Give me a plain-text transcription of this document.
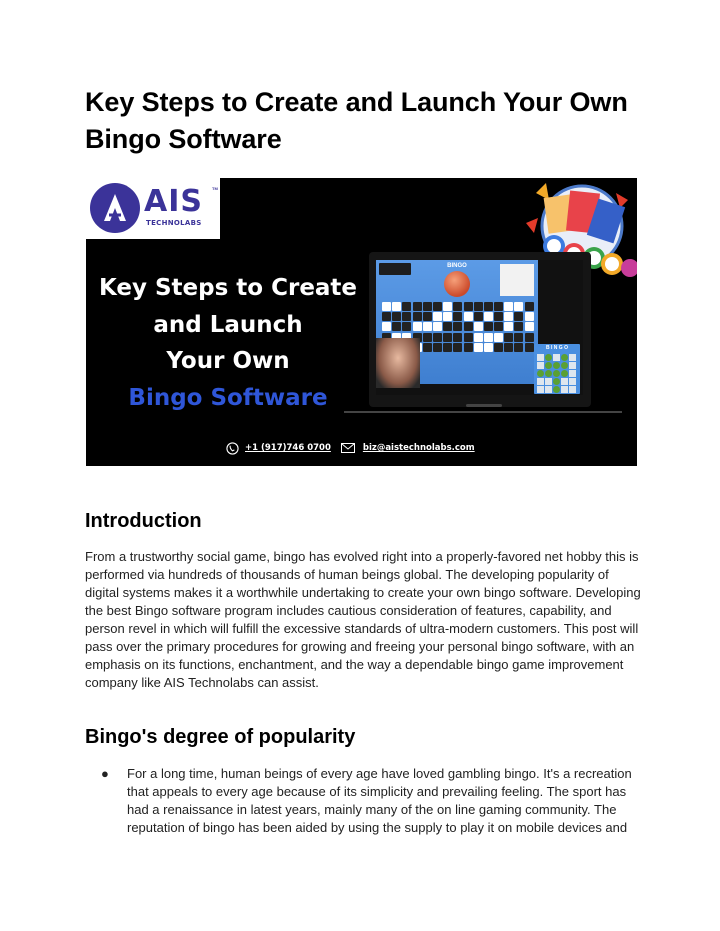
Key Steps to Create and Launch Your Own Bingo Software
AIS TM
TECHNOLABS
Key Steps to Create
and Launch
Your Own
Bingo Software
BINGO
B I N G O
+1 (917)746 0700	biz@aistechnolabs.com
Introduction

From a trustworthy social game, bingo has evolved right into a properly-favored net hobby this is performed via hundreds of thousands of human beings global. The developing popularity of digital systems makes it a worthwhile undertaking to create your own bingo software. Developing the best Bingo software program includes cautious consideration of features, capability, and person revel in which will fulfill the excessive standards of ultra-modern customers. This post will pass over the primary procedures for growing and freeing your personal bingo software, with an emphasis on its functions, enchantment, and the way a dependable bingo game improvement company like AIS Technolabs can assist.

Bingo's degree of popularity
● For a long time, human beings of every age have loved gambling bingo. It's a recreation that appeals to every age because of its simplicity and prevailing feeling. The sport has had a renaissance in latest years, mainly many of the on line gaming community. The reputation of bingo has been aided by using the supply to play it on mobile devices and
